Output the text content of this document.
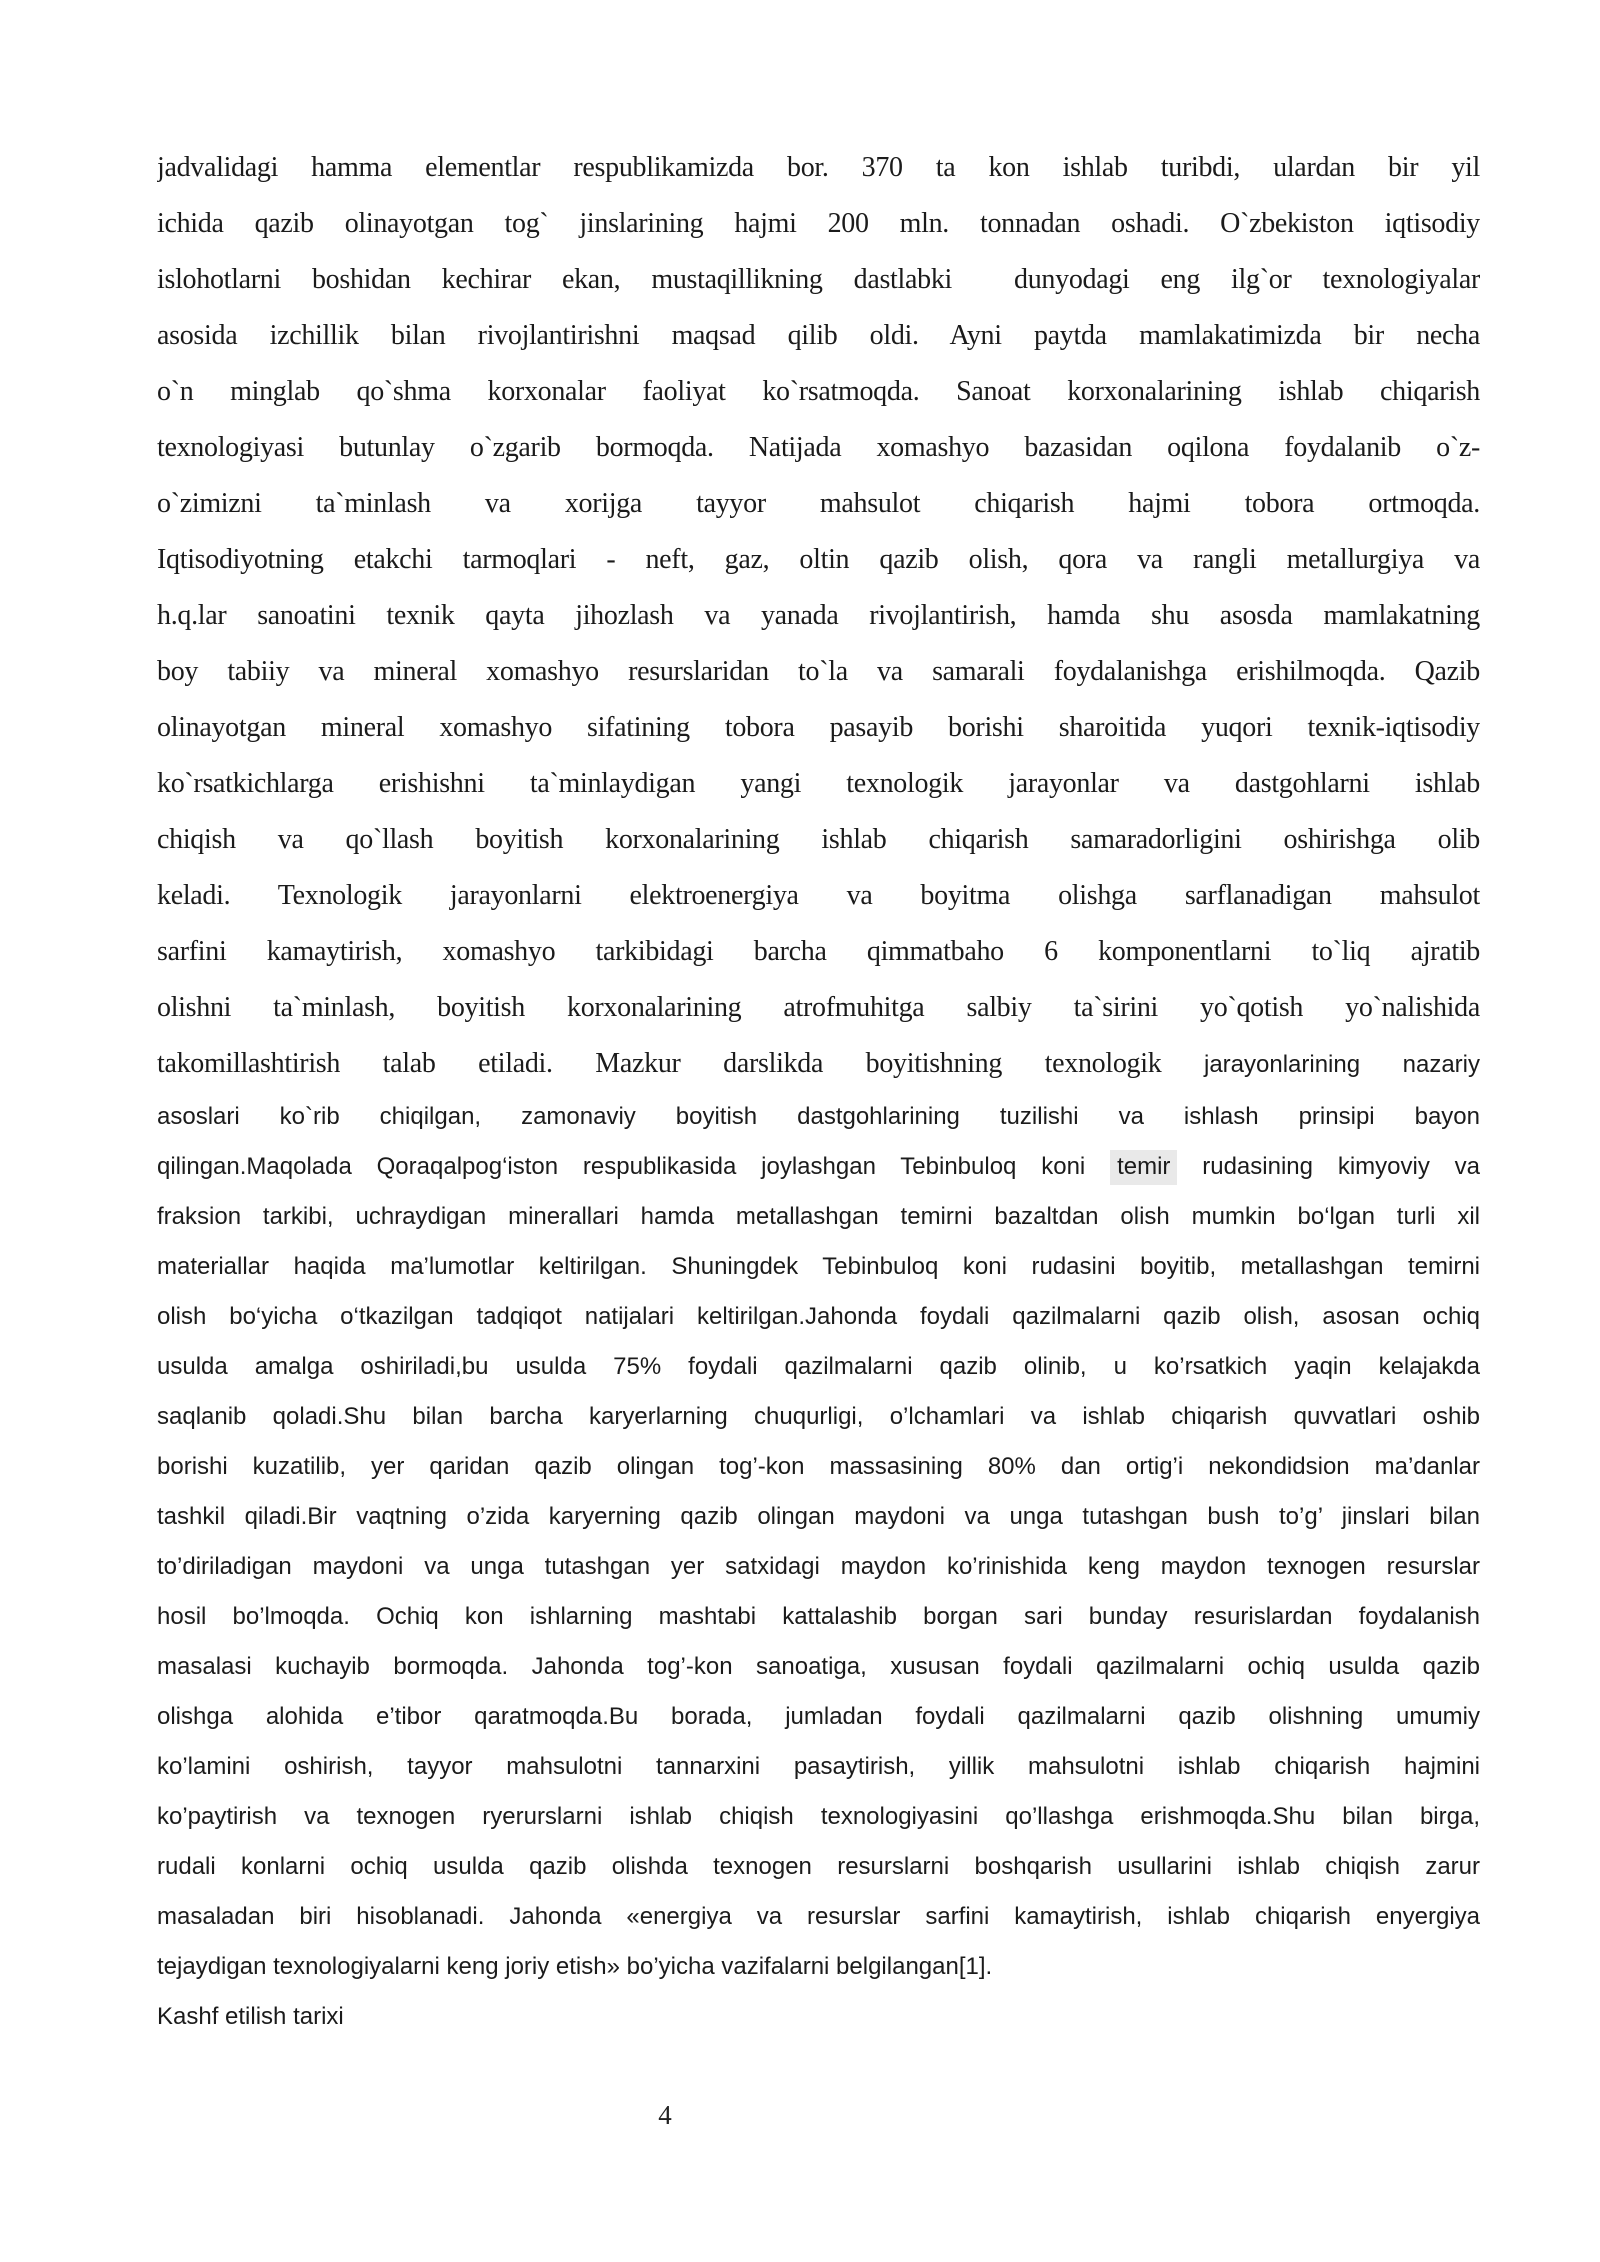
jadvalidagi hamma elementlar respublikamizda bor. 370 ta kon ishlab turibdi, ulardan bir yil
ichida qazib olinayotgan tog` jinslarining hajmi 200 mln. tonnadan oshadi. O`zbekiston iqtisodiy
islohotlarni boshidan kechirar ekan, mustaqillikning dastlabki  dunyodagi eng ilg`or texnologiyalar
asosida izchillik bilan rivojlantirishni maqsad qilib oldi. Ayni paytda mamlakatimizda bir necha
o`n minglab qo`shma korxonalar faoliyat ko`rsatmoqda. Sanoat korxonalarining ishlab chiqarish
texnologiyasi butunlay o`zgarib bormoqda. Natijada xomashyo bazasidan oqilona foydalanib o`z-
o`zimizni ta`minlash va xorijga tayyor mahsulot chiqarish hajmi tobora ortmoqda.
Iqtisodiyotning etakchi tarmoqlari - neft, gaz, oltin qazib olish, qora va rangli metallurgiya va
h.q.lar sanoatini texnik qayta jihozlash va yanada rivojlantirish, hamda shu asosda mamlakatning
boy tabiiy va mineral xomashyo resurslaridan to`la va samarali foydalanishga erishilmoqda. Qazib
olinayotgan mineral xomashyo sifatining tobora pasayib borishi sharoitida yuqori texnik-iqtisodiy
ko`rsatkichlarga erishishni ta`minlaydigan yangi texnologik jarayonlar va dastgohlarni ishlab
chiqish va qo`llash boyitish korxonalarining ishlab chiqarish samaradorligini oshirishga olib
keladi. Texnologik jarayonlarni elektroenergiya va boyitma olishga sarflanadigan mahsulot
sarfini kamaytirish, xomashyo tarkibidagi barcha qimmatbaho 6 komponentlarni to`liq ajratib
olishni ta`minlash, boyitish korxonalarining atrofmuhitga salbiy ta`sirini yo`qotish yo`nalishida
takomillashtirish talab etiladi. Mazkur darslikda boyitishning texnologik jarayonlarining nazariy
asoslari ko`rib chiqilgan, zamonaviy boyitish dastgohlarining tuzilishi va ishlash prinsipi bayon
qilingan.Maqolada Qoraqalpog‘iston respublikasida joylashgan Tebinbuloq koni temir rudasining kimyoviy va
fraksion tarkibi, uchraydigan minerallari hamda metallashgan temirni bazaltdan olish mumkin bo‘lgan turli xil
materiallar haqida ma’lumotlar keltirilgan. Shuningdek Tebinbuloq koni rudasini boyitib, metallashgan temirni
olish bo‘yicha o‘tkazilgan tadqiqot natijalari keltirilgan.Jahonda foydali qazilmalarni qazib olish, asosan ochiq
usulda amalga oshiriladi,bu usulda 75% foydali qazilmalarni qazib olinib, u ko’rsatkich yaqin kelajakda
saqlanib qoladi.Shu bilan barcha karyerlarning chuqurligi, o’lchamlari va ishlab chiqarish quvvatlari oshib
borishi kuzatilib, yer qaridan qazib olingan tog’-kon massasining 80% dan ortig’i nekondidsion ma’danlar
tashkil qiladi.Bir vaqtning o’zida karyerning qazib olingan maydoni va unga tutashgan bush to’g’ jinslari bilan
to’diriladigan maydoni va unga tutashgan yer satxidagi maydon ko’rinishida keng maydon texnogen resurslar
hosil bo’lmoqda. Ochiq kon ishlarning mashtabi kattalashib borgan sari bunday resurislardan foydalanish
masalasi kuchayib bormoqda. Jahonda tog’-kon sanoatiga, xususan foydali qazilmalarni ochiq usulda qazib
olishga alohida e’tibor qaratmoqda.Bu borada, jumladan foydali qazilmalarni qazib olishning umumiy
ko’lamini oshirish, tayyor mahsulotni tannarxini pasaytirish, yillik mahsulotni ishlab chiqarish hajmini
ko’paytirish va texnogen ryerurslarni ishlab chiqish texnologiyasini qo’llashga erishmoqda.Shu bilan birga,
rudali konlarni ochiq usulda qazib olishda texnogen resurslarni boshqarish usullarini ishlab chiqish zarur
masaladan biri hisoblanadi. Jahonda «energiya va resurslar sarfini kamaytirish, ishlab chiqarish enyergiya
tejaydigan texnologiyalarni keng joriy etish» bo’yicha vazifalarni belgilangan[1].
Kashf etilish tarixi
4
